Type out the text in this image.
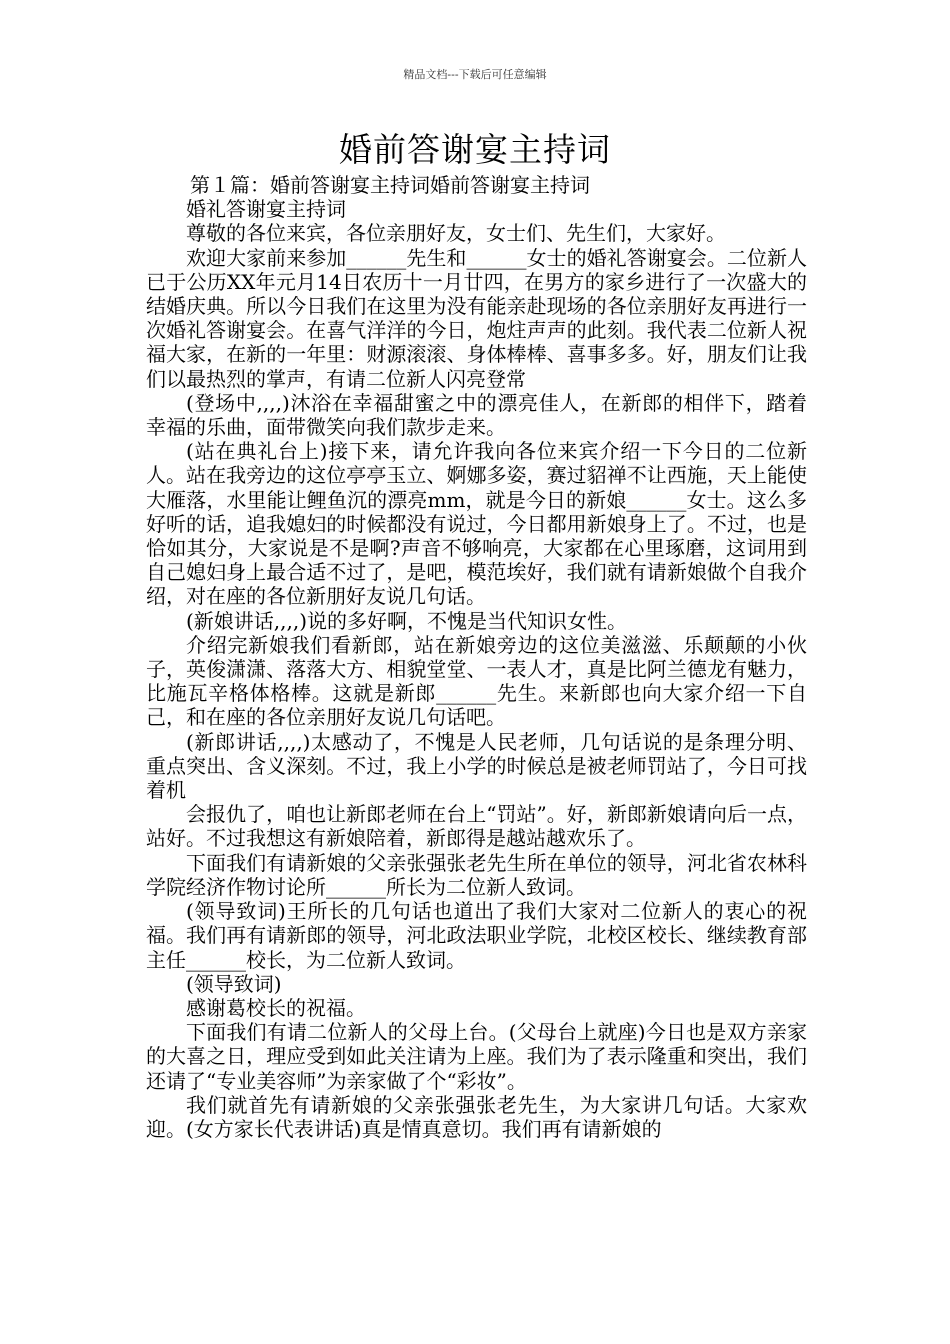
精品文档---下载后可任意编辑
婚前答谢宴主持词

第１篇：婚前答谢宴主持词婚前答谢宴主持词

婚礼答谢宴主持词

尊敬的各位来宾，各位亲朋好友，女士们、先生们，大家好。

欢迎大家前来参加______先生和______女士的婚礼答谢宴会。二位新人已于公历XX年元月14日农历十一月廿四，在男方的家乡进行了一次盛大的结婚庆典。所以今日我们在这里为没有能亲赴现场的各位亲朋好友再进行一次婚礼答谢宴会。在喜气洋洋的今日，炮炷声声的此刻。我代表二位新人祝福大家，在新的一年里：财源滚滚、身体棒棒、喜事多多。好，朋友们让我们以最热烈的掌声，有请二位新人闪亮登常

(登场中,,,,)沐浴在幸福甜蜜之中的漂亮佳人，在新郎的相伴下，踏着幸福的乐曲，面带微笑向我们款步走来。

(站在典礼台上)接下来，请允许我向各位来宾介绍一下今日的二位新人。站在我旁边的这位亭亭玉立、婀娜多姿，赛过貂禅不让西施，天上能使大雁落，水里能让鲤鱼沉的漂亮mm，就是今日的新娘______女士。这么多好听的话，追我媳妇的时候都没有说过，今日都用新娘身上了。不过，也是恰如其分，大家说是不是啊?声音不够响亮，大家都在心里琢磨，这词用到自己媳妇身上最合适不过了，是吧，模范埃好，我们就有请新娘做个自我介绍，对在座的各位新朋好友说几句话。

(新娘讲话,,,,)说的多好啊，不愧是当代知识女性。

介绍完新娘我们看新郎，站在新娘旁边的这位美滋滋、乐颠颠的小伙子，英俊潇潇、落落大方、相貌堂堂、一表人才，真是比阿兰德龙有魅力，比施瓦辛格体格棒。这就是新郎______先生。来新郎也向大家介绍一下自己，和在座的各位亲朋好友说几句话吧。

(新郎讲话,,,,)太感动了，不愧是人民老师，几句话说的是条理分明、重点突出、含义深刻。不过，我上小学的时候总是被老师罚站了，今日可找着机

会报仇了，咱也让新郎老师在台上“罚站”。好，新郎新娘请向后一点，站好。不过我想这有新娘陪着，新郎得是越站越欢乐了。

下面我们有请新娘的父亲张强张老先生所在单位的领导，河北省农林科学院经济作物讨论所______所长为二位新人致词。

(领导致词)王所长的几句话也道出了我们大家对二位新人的衷心的祝福。我们再有请新郎的领导，河北政法职业学院，北校区校长、继续教育部主任______校长，为二位新人致词。

(领导致词)

感谢葛校长的祝福。

下面我们有请二位新人的父母上台。(父母台上就座)今日也是双方亲家的大喜之日，理应受到如此关注请为上座。我们为了表示隆重和突出，我们还请了“专业美容师”为亲家做了个“彩妆”。

我们就首先有请新娘的父亲张强张老先生，为大家讲几句话。大家欢迎。(女方家长代表讲话)真是情真意切。我们再有请新娘的
